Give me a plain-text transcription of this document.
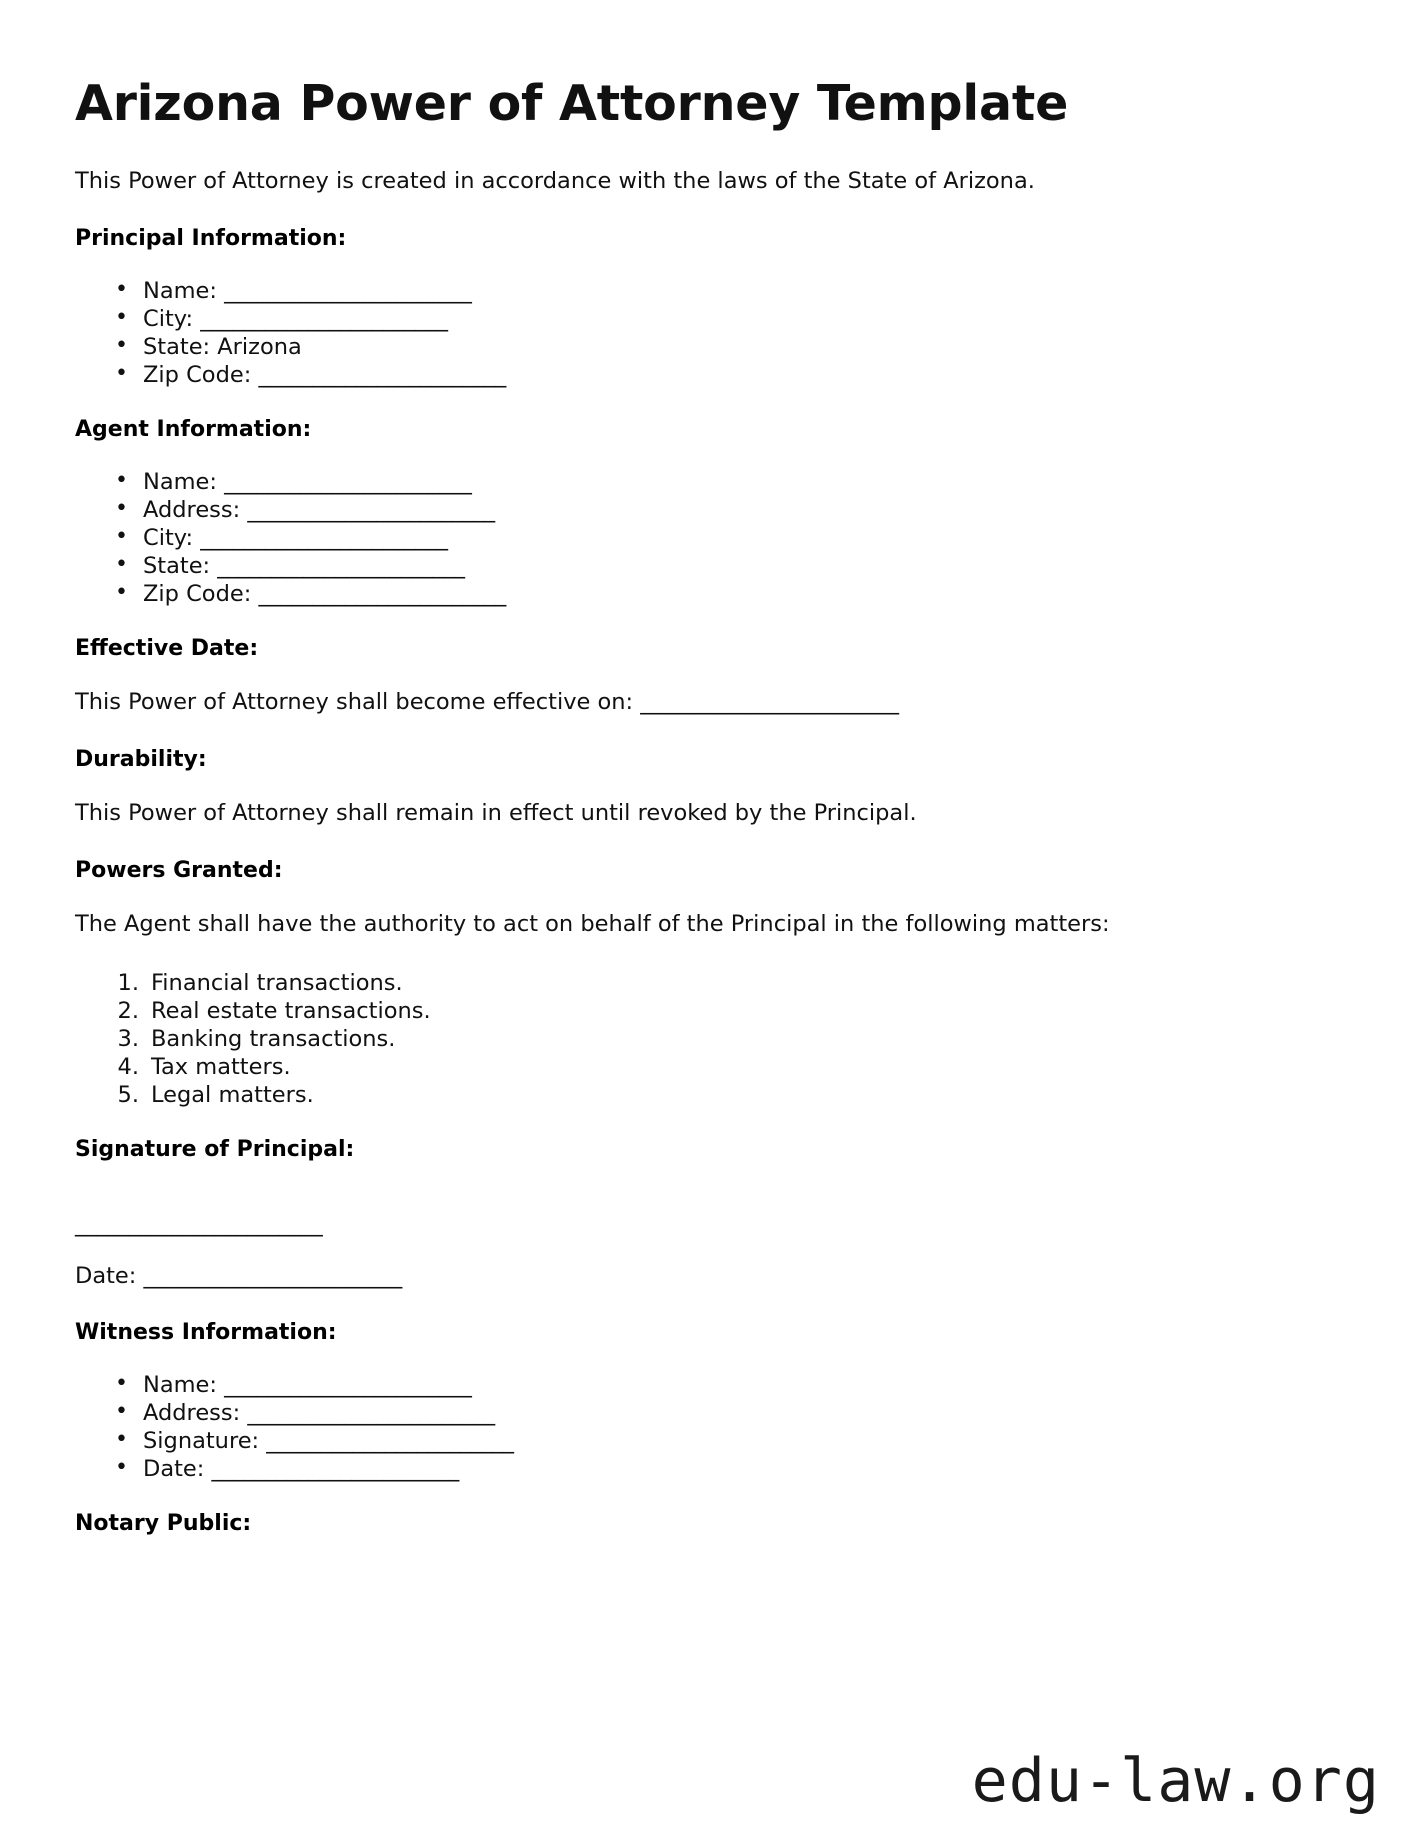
Arizona Power of Attorney Template

This Power of Attorney is created in accordance with the laws of the State of Arizona.

Principal Information:
• Name: _______________________
• City: _______________________
• State: Arizona
• Zip Code: _______________________
Agent Information:
• Name: _______________________
• Address: _______________________
• City: _______________________
• State: _______________________
• Zip Code: _______________________
Effective Date:

This Power of Attorney shall become effective on: _______________________

Durability:

This Power of Attorney shall remain in effect until revoked by the Principal.

Powers Granted:

The Agent shall have the authority to act on behalf of the Principal in the following matters:

Financial transactions.
Real estate transactions.
Banking transactions.
Tax matters.
Legal matters.
Signature of Principal:
_______________________
Date: _______________________
Witness Information:
• Name: _______________________
• Address: _______________________
• Signature: _______________________
• Date: _______________________
Notary Public:
edu-law.org
